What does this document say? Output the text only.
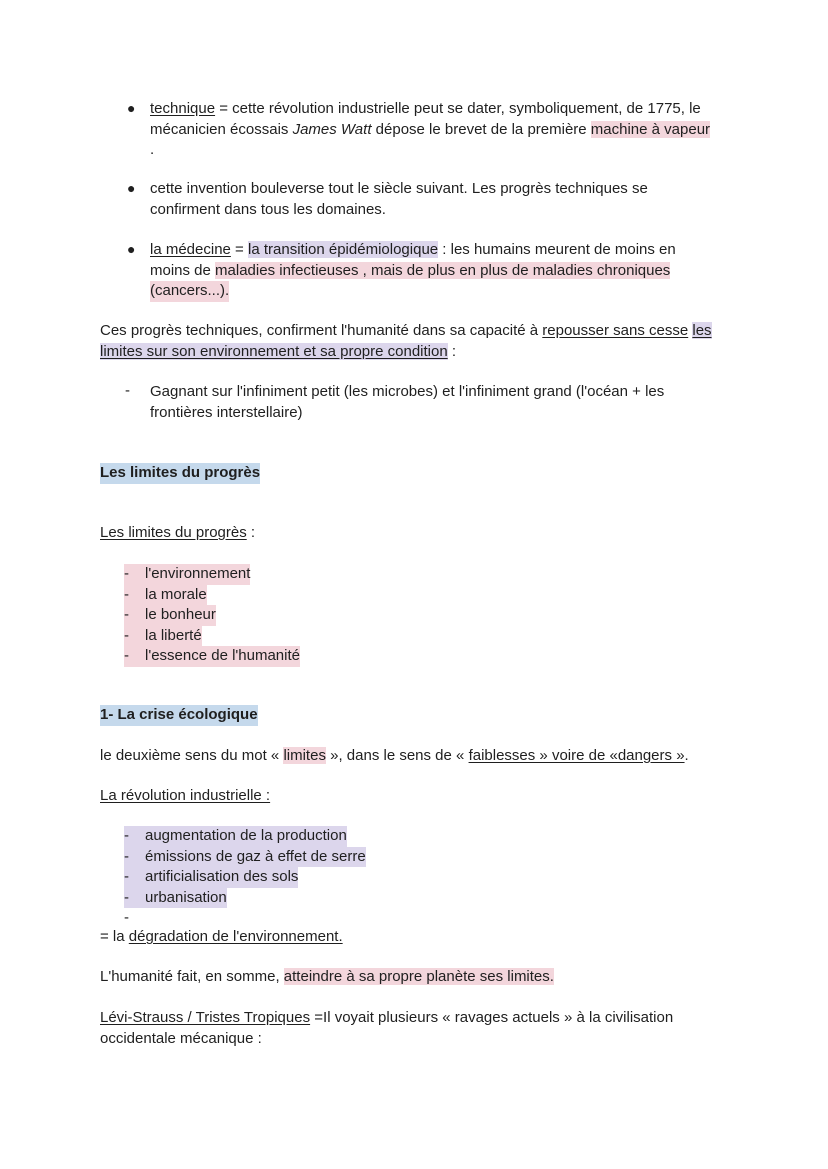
● technique = cette révolution industrielle peut se dater, symboliquement, de 1775, le
mécanicien écossais James Watt dépose le brevet de la première machine à vapeur
.
● cette invention bouleverse tout le siècle suivant. Les progrès techniques se
confirment dans tous les domaines.
● la médecine = la transition épidémiologique : les humains meurent de moins en
moins de maladies infectieuses , mais de plus en plus de maladies chroniques
(cancers...).
Ces progrès techniques, confirment l'humanité dans sa capacité à repousser sans cesse les
limites sur son environnement et sa propre condition :
- Gagnant sur l'infiniment petit (les microbes) et l'infiniment grand (l'océan + les
frontières interstellaire)
Les limites du progrès
Les limites du progrès :
-l'environnement
- la morale
- le bonheur
- la liberté
- l'essence de l'humanité
1- La crise écologique
le deuxième sens du mot « limites », dans le sens de « faiblesses » voire de «dangers ».
La révolution industrielle :
- augmentation de la production
- émissions de gaz à effet de serre
-artificialisation des sols
-urbanisation
-
= la dégradation de l'environnement.
L'humanité fait, en somme, atteindre à sa propre planète ses limites.
Lévi-Strauss / Tristes Tropiques =Il voyait plusieurs « ravages actuels » à la civilisation
occidentale mécanique :
